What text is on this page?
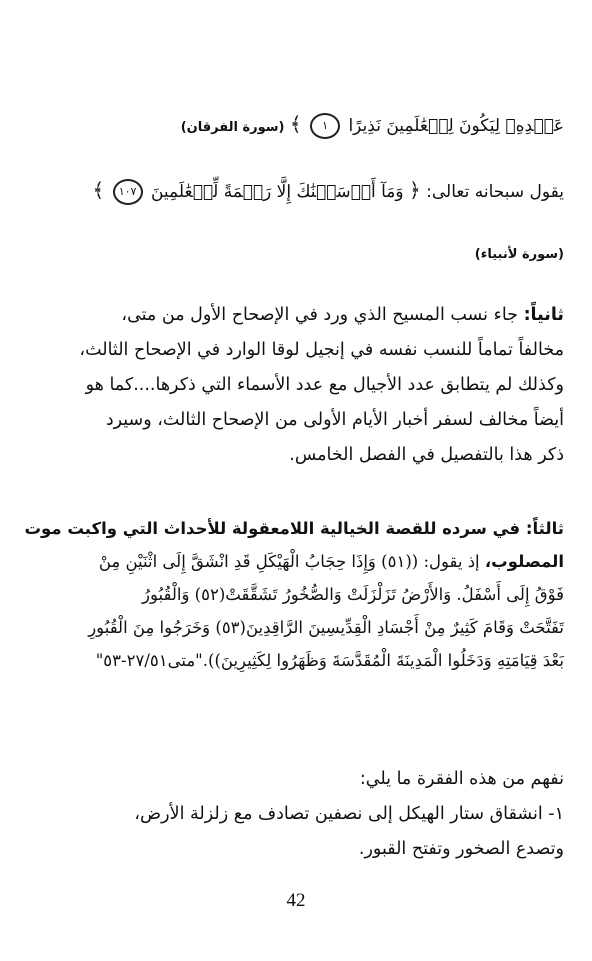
عَبۡدِهِۦ لِيَكُونَ لِلۡعَٰلَمِينَ نَذِيرًا ١ ﴾ (سورة الفرقان)
يقول سبحانه تعالى: ﴿ وَمَآ أَرۡسَلۡنَٰكَ إِلَّا رَحۡمَةً لِّلۡعَٰلَمِينَ ١٠٧ ﴾
(سورة لأنبياء)

ثانياً: جاء نسب المسيح الذي ورد في الإصحاح الأول من متى،

مخالفاً تماماً للنسب نفسه في إنجيل لوقا الوارد في الإصحاح الثالث،

وكذلك لم يتطابق عدد الأجيال مع عدد الأسماء التي ذكرها....كما هو

أيضاً مخالف لسفر أخبار الأيام الأولى من الإصحاح الثالث، وسيرد

ذكر هذا بالتفصيل في الفصل الخامس.

ثالثاً: في سرده للقصة الخيالية اللامعقولة للأحداث التي واكبت موت

المصلوب، إذ يقول: ((٥١) وَإِذَا حِجَابُ الْهَيْكَلِ قَدِ انْشَقَّ إِلَى اثْنَيْنِ مِنْ

فَوْقُ إِلَى أَسْفَلُ. وَالأَرْضُ تَزَلْزَلَتْ وَالصُّخُورُ تَشَقَّقَتْ(٥٢) وَالْقُبُورُ

تَفَتَّحَتْ وَقَامَ كَثِيرٌ مِنْ أَجْسَادِ الْقِدِّيسِينَ الرَّاقِدِينَ(٥٣) وَخَرَجُوا مِنَ الْقُبُورِ

بَعْدَ قِيَامَتِهِ وَدَخَلُوا الْمَدِينَةَ الْمُقَدَّسَةَ وَظَهَرُوا لِكَثِيرِينَ))."متى٢٧/٥١-٥٣"

نفهم من هذه الفقرة ما يلي:

١- انشقاق ستار الهيكل إلى نصفين تصادف مع زلزلة الأرض،

وتصدع الصخور وتفتح القبور.

42
